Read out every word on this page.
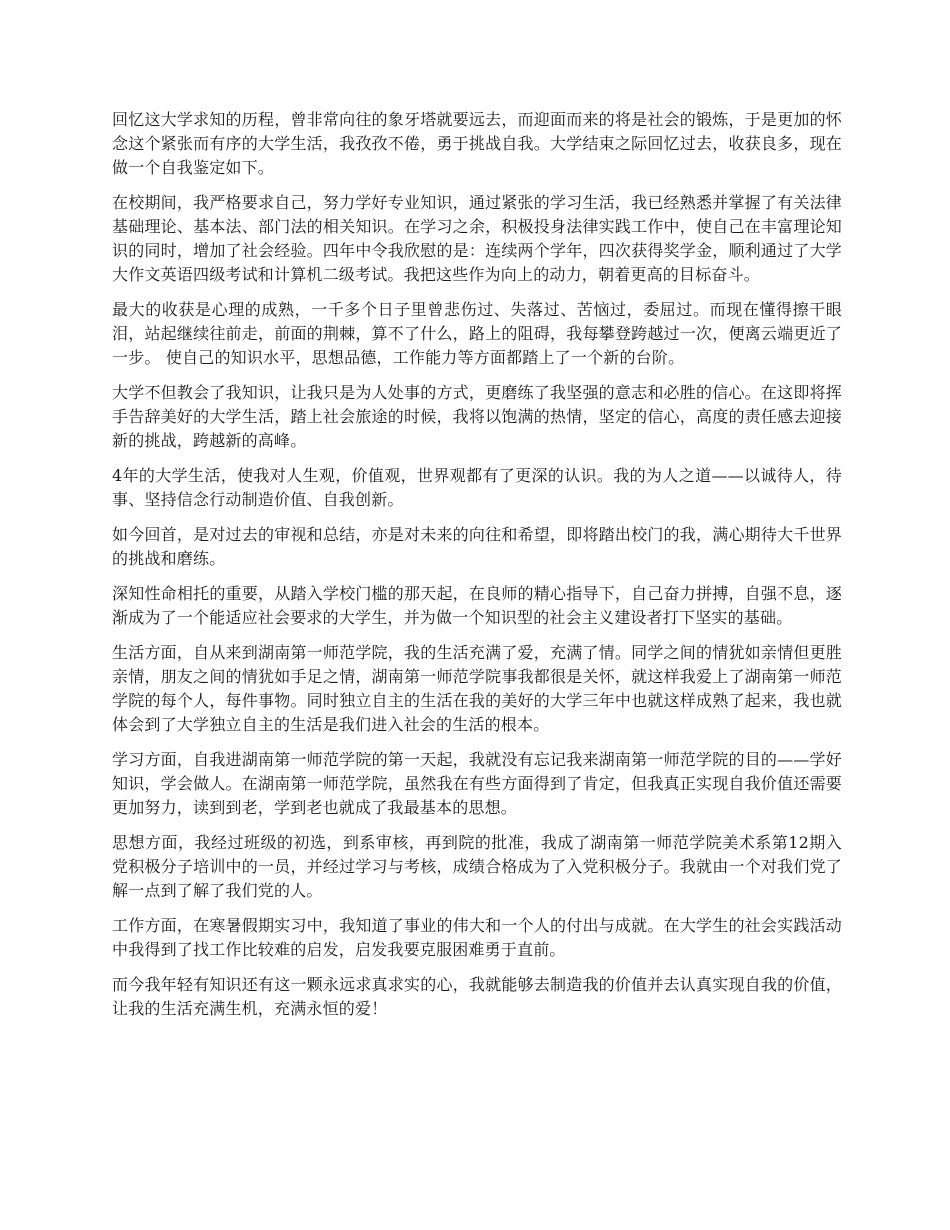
回忆这大学求知的历程，曾非常向往的象牙塔就要远去，而迎面而来的将是社会的锻炼，于是更加的怀念这个紧张而有序的大学生活，我孜孜不倦，勇于挑战自我。大学结束之际回忆过去，收获良多，现在做一个自我鉴定如下。

在校期间，我严格要求自己，努力学好专业知识，通过紧张的学习生活，我已经熟悉并掌握了有关法律基础理论、基本法、部门法的相关知识。在学习之余，积极投身法律实践工作中，使自己在丰富理论知识的同时，增加了社会经验。四年中令我欣慰的是：连续两个学年，四次获得奖学金，顺利通过了大学大作文英语四级考试和计算机二级考试。我把这些作为向上的动力，朝着更高的目标奋斗。

最大的收获是心理的成熟，一千多个日子里曾悲伤过、失落过、苦恼过，委屈过。而现在懂得擦干眼泪，站起继续往前走，前面的荆棘，算不了什么，路上的阻碍，我每攀登跨越过一次，便离云端更近了一步。 使自己的知识水平，思想品德，工作能力等方面都踏上了一个新的台阶。

大学不但教会了我知识，让我只是为人处事的方式，更磨练了我坚强的意志和必胜的信心。在这即将挥手告辞美好的大学生活，踏上社会旅途的时候，我将以饱满的热情，坚定的信心，高度的责任感去迎接新的挑战，跨越新的高峰。

4年的大学生活，使我对人生观，价值观，世界观都有了更深的认识。我的为人之道——以诚待人，待事、坚持信念行动制造价值、自我创新。

如今回首，是对过去的审视和总结，亦是对未来的向往和希望，即将踏出校门的我，满心期待大千世界的挑战和磨练。

深知性命相托的重要，从踏入学校门槛的那天起，在良师的精心指导下，自己奋力拼搏，自强不息，逐渐成为了一个能适应社会要求的大学生，并为做一个知识型的社会主义建设者打下坚实的基础。

生活方面，自从来到湖南第一师范学院，我的生活充满了爱，充满了情。同学之间的情犹如亲情但更胜亲情，朋友之间的情犹如手足之情，湖南第一师范学院事我都很是关怀，就这样我爱上了湖南第一师范学院的每个人，每件事物。同时独立自主的生活在我的美好的大学三年中也就这样成熟了起来，我也就体会到了大学独立自主的生活是我们进入社会的生活的根本。

学习方面，自我进湖南第一师范学院的第一天起，我就没有忘记我来湖南第一师范学院的目的——学好知识，学会做人。在湖南第一师范学院，虽然我在有些方面得到了肯定，但我真正实现自我价值还需要更加努力，读到到老，学到老也就成了我最基本的思想。

思想方面，我经过班级的初选，到系审核，再到院的批准，我成了湖南第一师范学院美术系第12期入党积极分子培训中的一员，并经过学习与考核，成绩合格成为了入党积极分子。我就由一个对我们党了解一点到了解了我们党的人。

工作方面，在寒暑假期实习中，我知道了事业的伟大和一个人的付出与成就。在大学生的社会实践活动中我得到了找工作比较难的启发，启发我要克服困难勇于直前。

而今我年轻有知识还有这一颗永远求真求实的心，我就能够去制造我的价值并去认真实现自我的价值，让我的生活充满生机，充满永恒的爱！
